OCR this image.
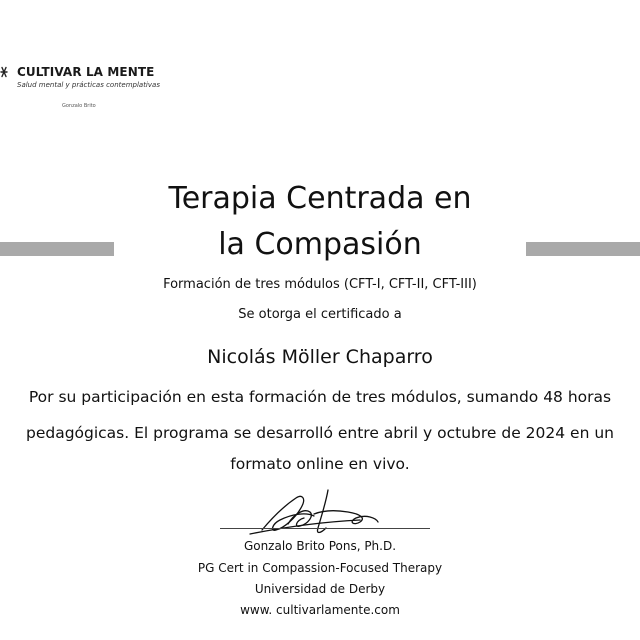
CULTIVAR LA MENTE
Salud mental y prácticas contemplativas
Gonzalo Brito
Terapia Centrada en
la Compasión
Formación de tres módulos (CFT-I, CFT-II, CFT-III)
Se otorga el certificado a
Nicolás Möller Chaparro
Por su participación en esta formación de tres módulos, sumando 48 horas
pedagógicas. El programa se desarrolló entre abril y octubre de 2024 en un
formato online en vivo.
Gonzalo Brito Pons, Ph.D.
PG Cert in Compassion-Focused Therapy
Universidad de Derby
www. cultivarlamente.com
